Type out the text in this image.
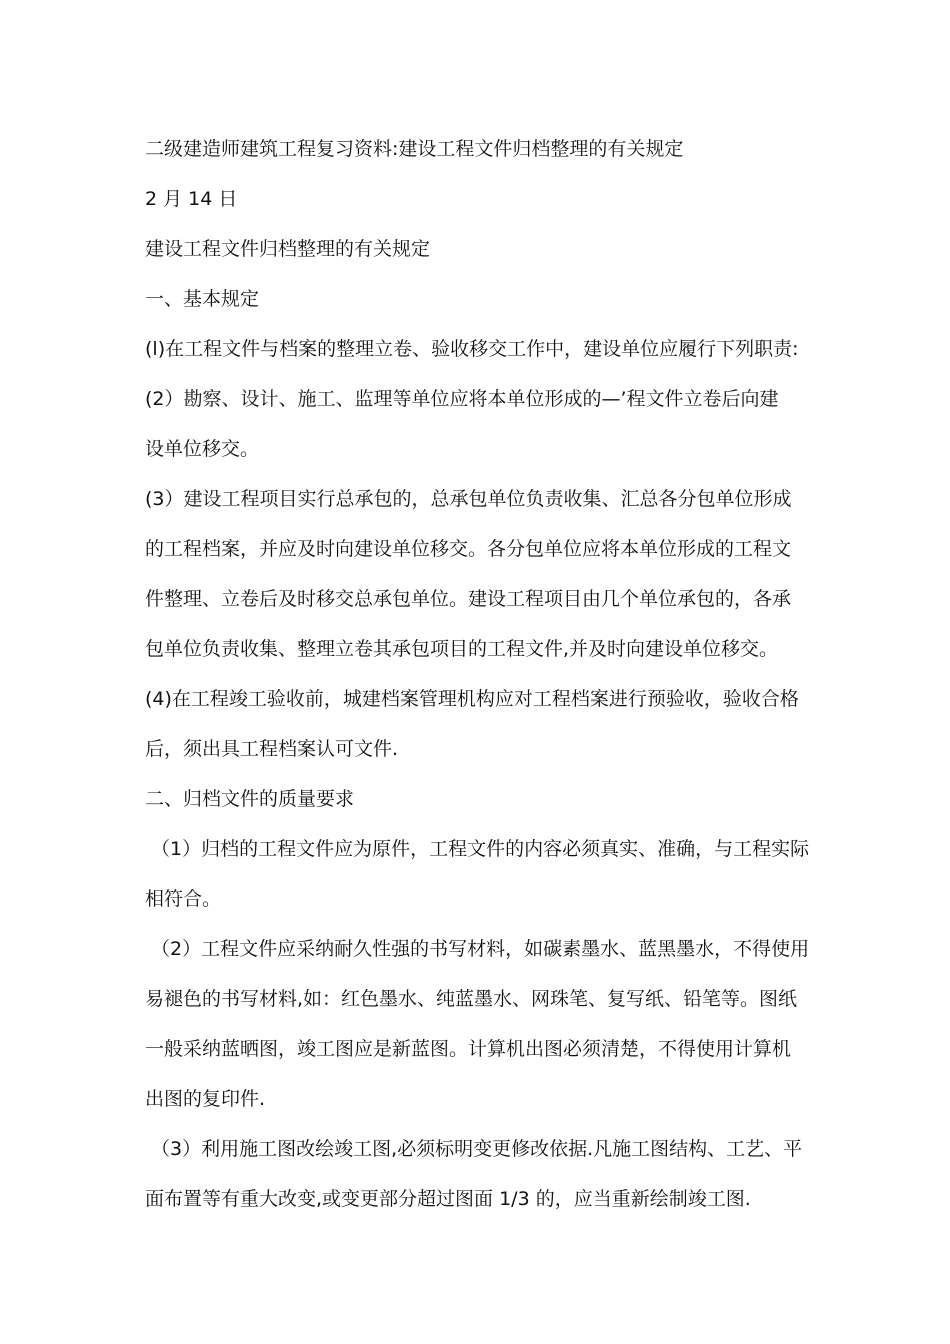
二级建造师建筑工程复习资料:建设工程文件归档整理的有关规定
2 月 14 日
建设工程文件归档整理的有关规定
一、基本规定
(l)在工程文件与档案的整理立卷、验收移交工作中，建设单位应履行下列职责:
(2）勘察、设计、施工、监理等单位应将本单位形成的—’程文件立卷后向建
设单位移交。
(3）建设工程项目实行总承包的，总承包单位负责收集、汇总各分包单位形成
的工程档案，并应及时向建设单位移交。各分包单位应将本单位形成的工程文
件整理、立卷后及时移交总承包单位。建设工程项目由几个单位承包的，各承
包单位负责收集、整理立卷其承包项目的工程文件,并及时向建设单位移交。
(4)在工程竣工验收前，城建档案管理机构应对工程档案进行预验收，验收合格
后，须出具工程档案认可文件.
二、归档文件的质量要求
（1）归档的工程文件应为原件，工程文件的内容必须真实、准确，与工程实际
相符合。
（2）工程文件应采纳耐久性强的书写材料，如碳素墨水、蓝黑墨水，不得使用
易褪色的书写材料,如：红色墨水、纯蓝墨水、网珠笔、复写纸、铅笔等。图纸
一般采纳蓝晒图，竣工图应是新蓝图。计算机出图必须清楚，不得使用计算机
出图的复印件.
（3）利用施工图改绘竣工图,必须标明变更修改依据.凡施工图结构、工艺、平
面布置等有重大改变,或变更部分超过图面 1/3 的，应当重新绘制竣工图.
